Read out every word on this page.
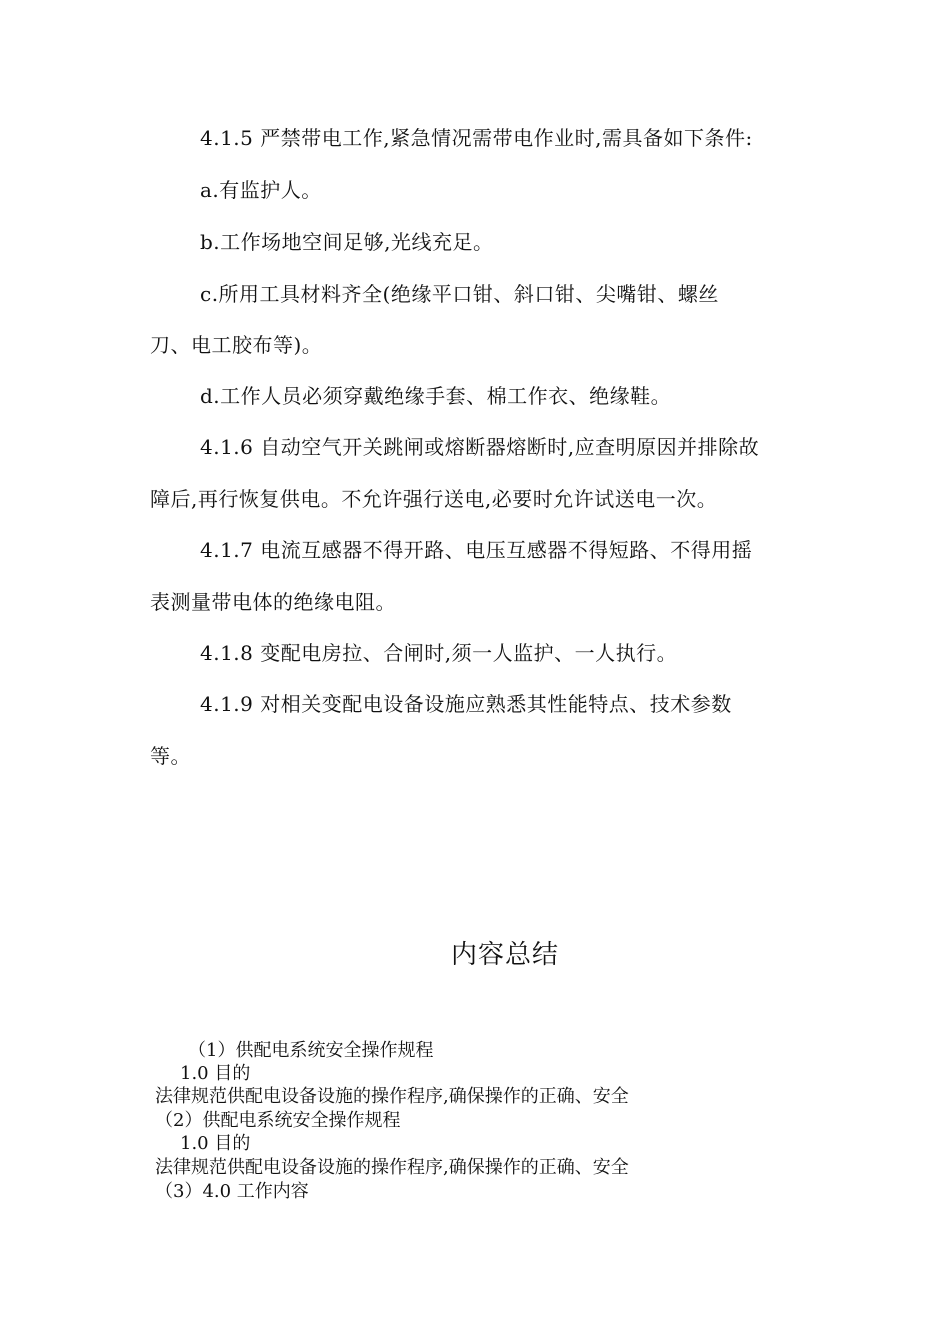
4.1.5 严禁带电工作,紧急情况需带电作业时,需具备如下条件:
a.有监护人。
b.工作场地空间足够,光线充足。
c.所用工具材料齐全(绝缘平口钳、斜口钳、尖嘴钳、螺丝
刀、电工胶布等)。
d.工作人员必须穿戴绝缘手套、棉工作衣、绝缘鞋。
4.1.6 自动空气开关跳闸或熔断器熔断时,应查明原因并排除故
障后,再行恢复供电。不允许强行送电,必要时允许试送电一次。
4.1.7 电流互感器不得开路、电压互感器不得短路、不得用摇
表测量带电体的绝缘电阻。
4.1.8 变配电房拉、合闸时,须一人监护、一人执行。
4.1.9 对相关变配电设备设施应熟悉其性能特点、技术参数
等。
内容总结
（1）供配电系统安全操作规程
1.0 目的
法律规范供配电设备设施的操作程序,确保操作的正确、安全
（2）供配电系统安全操作规程
1.0 目的
法律规范供配电设备设施的操作程序,确保操作的正确、安全
（3）4.0 工作内容
